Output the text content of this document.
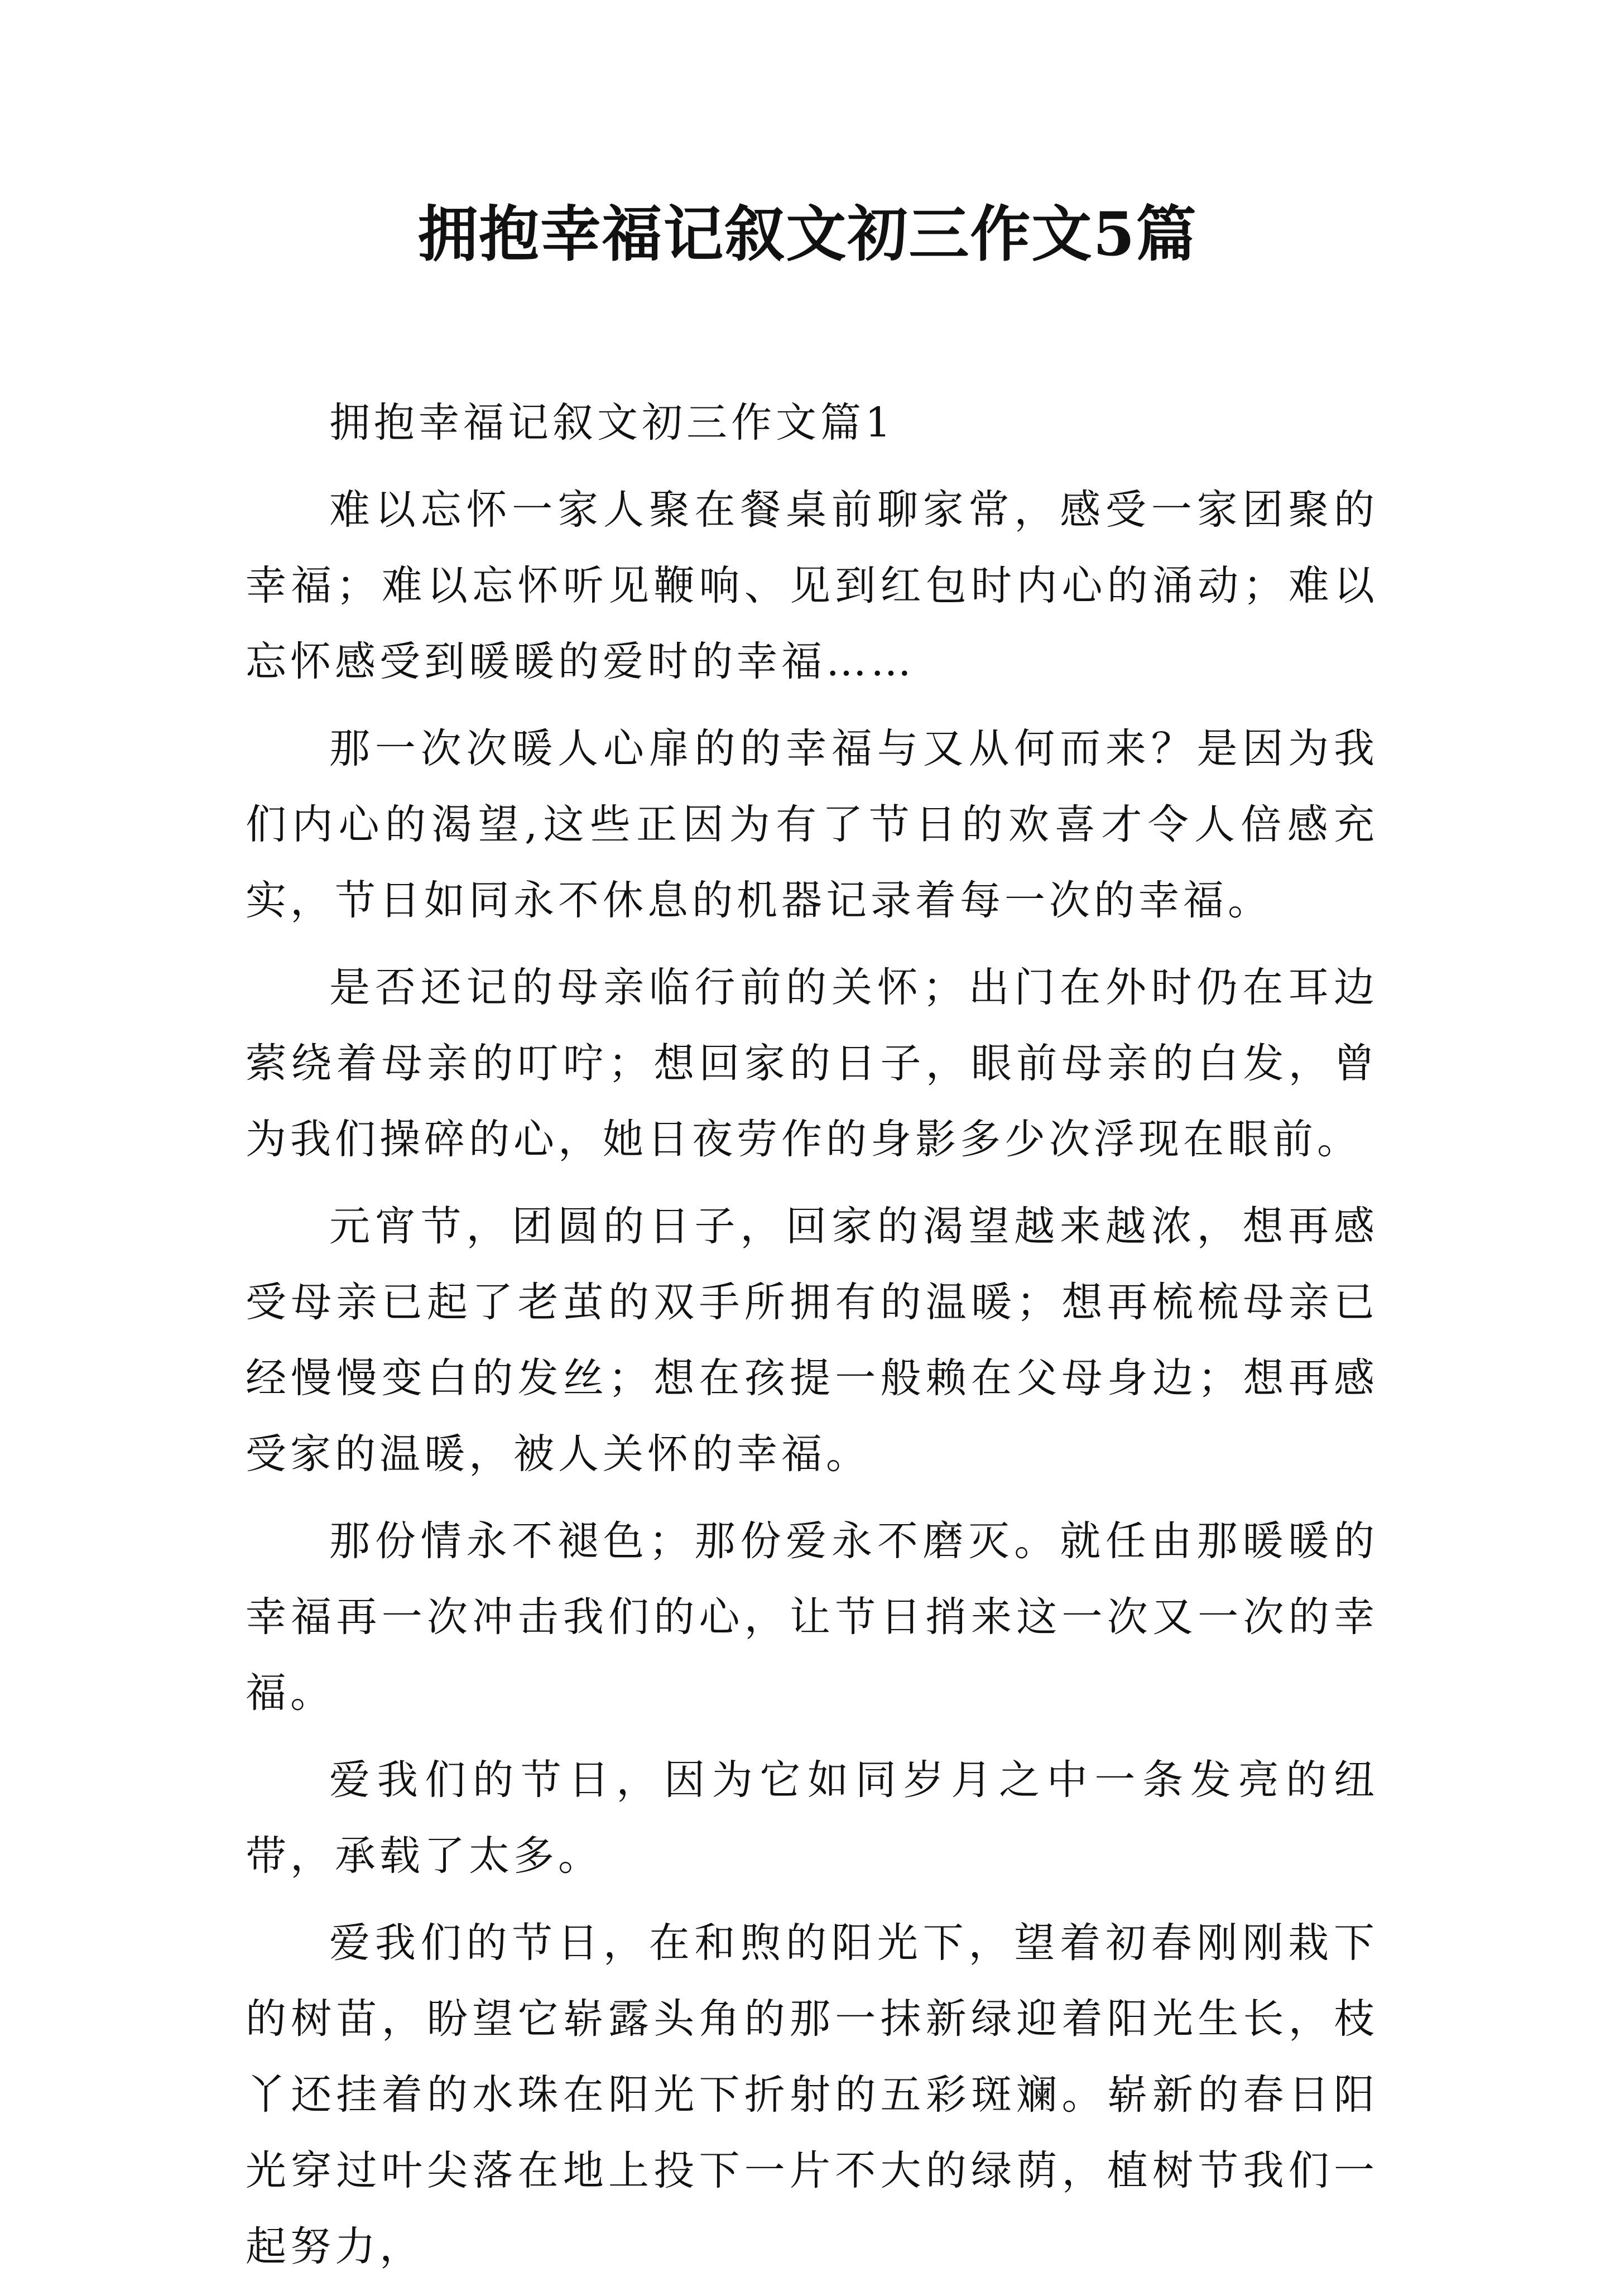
拥抱幸福记叙文初三作文5篇

拥抱幸福记叙文初三作文篇1

难以忘怀一家人聚在餐桌前聊家常，感受一家团聚的幸福；难以忘怀听见鞭响、见到红包时内心的涌动；难以忘怀感受到暖暖的爱时的幸福……

那一次次暖人心扉的的幸福与又从何而来？是因为我们内心的渴望,这些正因为有了节日的欢喜才令人倍感充实，节日如同永不休息的机器记录着每一次的幸福。

是否还记的母亲临行前的关怀；出门在外时仍在耳边萦绕着母亲的叮咛；想回家的日子，眼前母亲的白发，曾为我们操碎的心，她日夜劳作的身影多少次浮现在眼前。

元宵节，团圆的日子，回家的渴望越来越浓，想再感受母亲已起了老茧的双手所拥有的温暖；想再梳梳母亲已经慢慢变白的发丝；想在孩提一般赖在父母身边；想再感受家的温暖，被人关怀的幸福。

那份情永不褪色；那份爱永不磨灭。就任由那暖暖的幸福再一次冲击我们的心，让节日捎来这一次又一次的幸福。

爱我们的节日，因为它如同岁月之中一条发亮的纽带，承载了太多。

爱我们的节日，在和煦的阳光下，望着初春刚刚栽下的树苗，盼望它崭露头角的那一抹新绿迎着阳光生长，枝丫还挂着的水珠在阳光下折射的五彩斑斓。崭新的春日阳光穿过叶尖落在地上投下一片不大的绿荫，植树节我们一起努力，
